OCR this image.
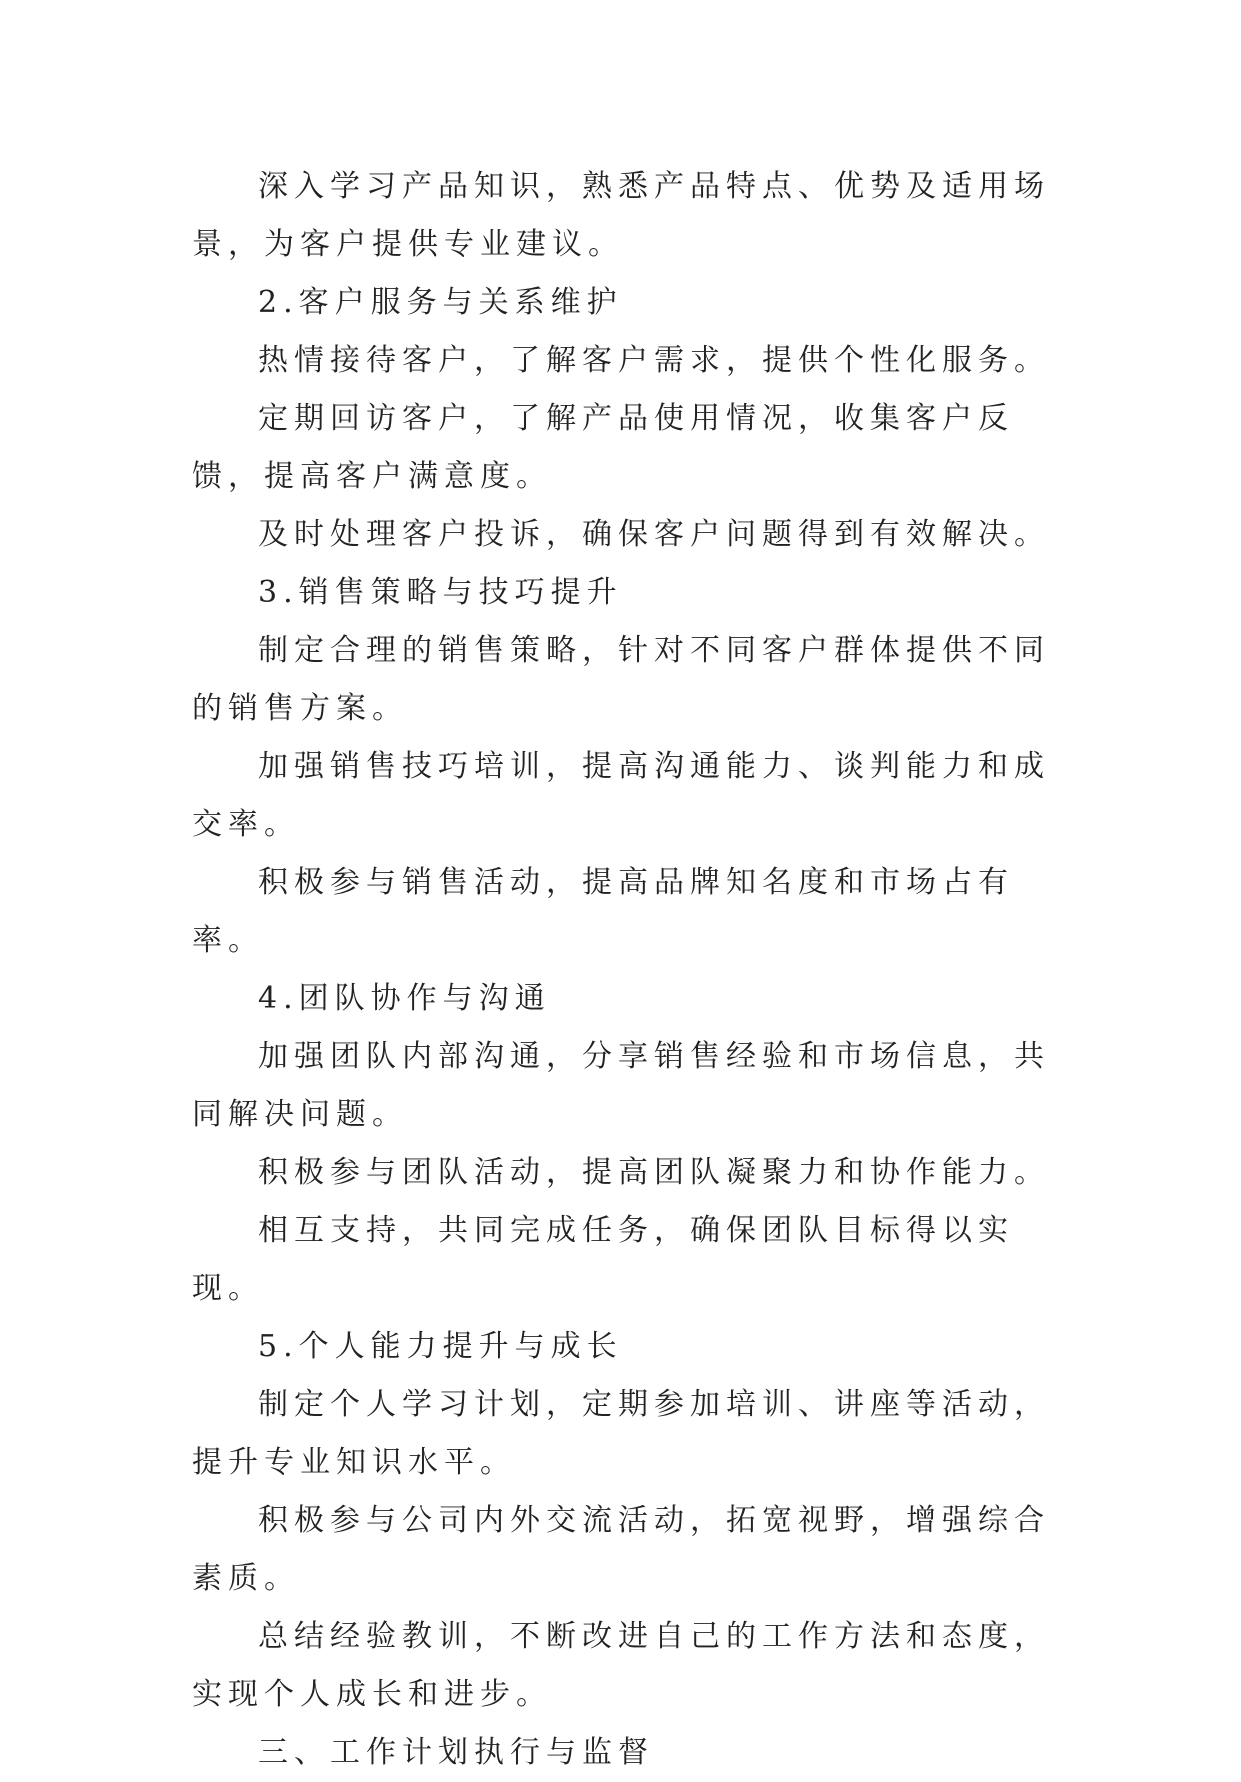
深入学习产品知识，熟悉产品特点、优势及适用场景，为客户提供专业建议。

2.客户服务与关系维护

热情接待客户，了解客户需求，提供个性化服务。

定期回访客户，了解产品使用情况，收集客户反馈，提高客户满意度。

及时处理客户投诉，确保客户问题得到有效解决。

3.销售策略与技巧提升

制定合理的销售策略，针对不同客户群体提供不同的销售方案。

加强销售技巧培训，提高沟通能力、谈判能力和成交率。

积极参与销售活动，提高品牌知名度和市场占有率。

4.团队协作与沟通

加强团队内部沟通，分享销售经验和市场信息，共同解决问题。

积极参与团队活动，提高团队凝聚力和协作能力。

相互支持，共同完成任务，确保团队目标得以实现。

5.个人能力提升与成长

制定个人学习计划，定期参加培训、讲座等活动，提升专业知识水平。

积极参与公司内外交流活动，拓宽视野，增强综合素质。

总结经验教训，不断改进自己的工作方法和态度，实现个人成长和进步。

三、工作计划执行与监督
